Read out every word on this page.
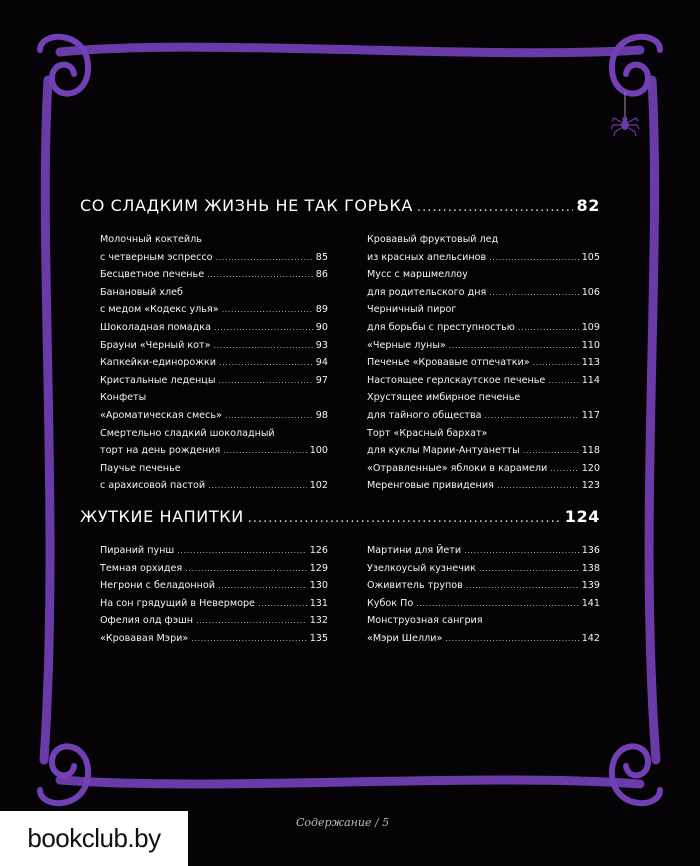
СО СЛАДКИМ ЖИЗНЬ НЕ ТАК ГОРЬКА .....	82
Молочный коктейль
с четверным эспрессо .....	85
Бесцветное печенье .....	86
Банановый хлеб
с медом «Кодекс улья» .....	89
Шоколадная помадка .....	90
Брауни «Черный кот» .....	93
Капкейки-единорожки .....	94
Кристальные леденцы .....	97
Конфеты
«Ароматическая смесь» .....	98
Смертельно сладкий шоколадный
торт на день рождения .....	100
Паучье печенье
с арахисовой пастой .....	102
Кровавый фруктовый лед
из красных апельсинов .....	105
Мусс с маршмеллоу
для родительского дня .....	106
Черничный пирог
для борьбы с преступностью .....	109
«Черные луны» .....	110
Печенье «Кровавые отпечатки» .....	113
Настоящее герлскаутское печенье .....	114
Хрустящее имбирное печенье
для тайного общества .....	117
Торт «Красный бархат»
для куклы Марии-Антуанетты .....	118
«Отравленные» яблоки в карамели .....	120
Меренговые привидения .....	123
ЖУТКИЕ НАПИТКИ .....	124
Пираний пунш .....	126
Темная орхидея .....	129
Негрони с беладонной .....	130
На сон грядущий в Неверморе .....	131
Офелия олд фэшн .....	132
«Кровавая Мэри» .....	135
Мартини для Йети .....	136
Узелкоусый кузнечик .....	138
Оживитель трупов .....	139
Кубок По .....	141
Монструозная сангрия
«Мэри Шелли» .....	142
Содержание / 5
bookclub.by
